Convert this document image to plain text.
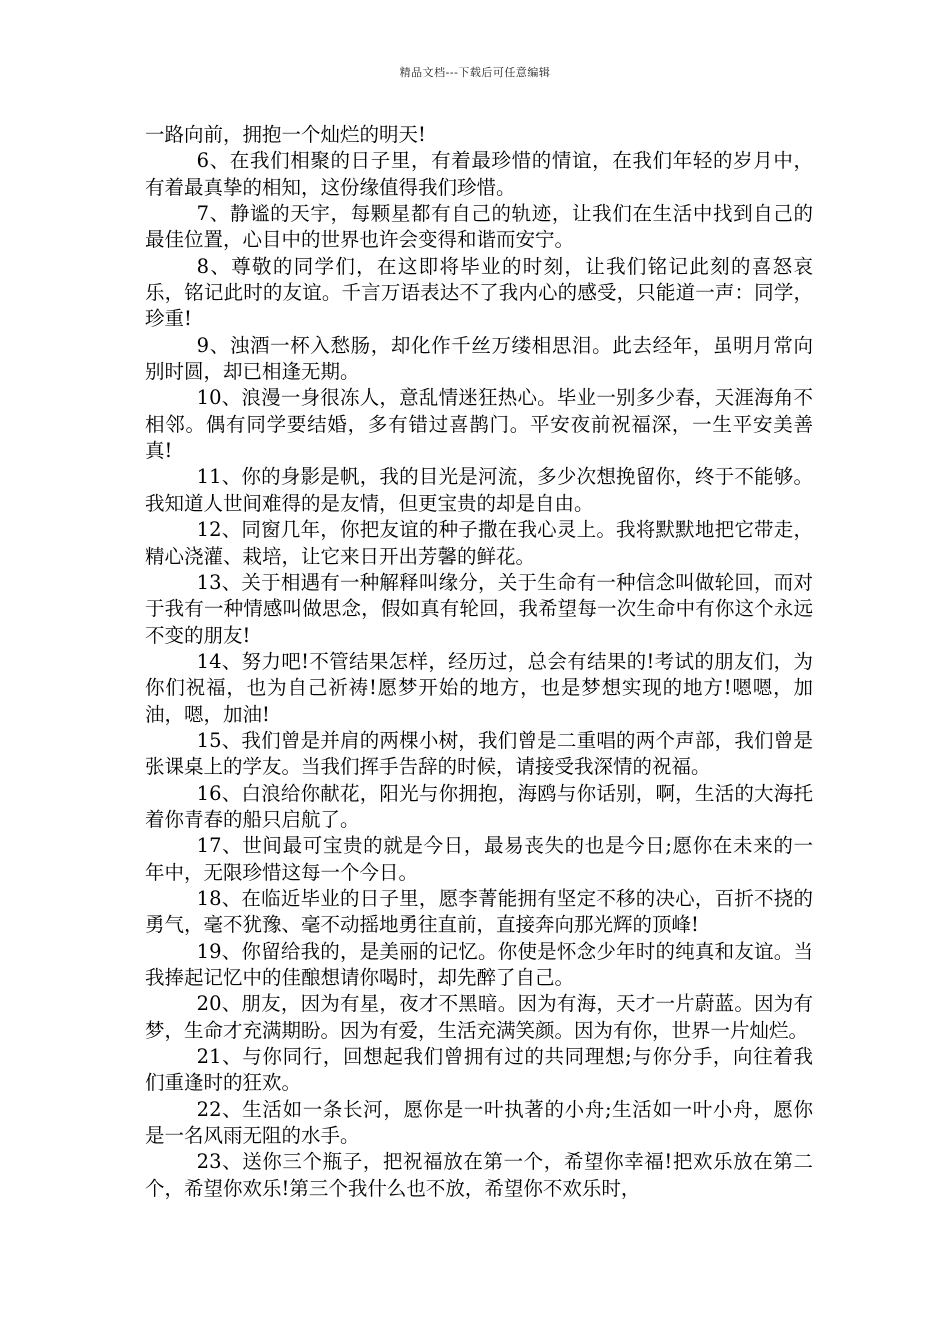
精品文档---下载后可任意编辑

一路向前，拥抱一个灿烂的明天!

6、在我们相聚的日子里，有着最珍惜的情谊，在我们年轻的岁月中，有着最真挚的相知，这份缘值得我们珍惜。

7、静谧的天宇，每颗星都有自己的轨迹，让我们在生活中找到自己的最佳位置，心目中的世界也许会变得和谐而安宁。

8、尊敬的同学们，在这即将毕业的时刻，让我们铭记此刻的喜怒哀乐，铭记此时的友谊。千言万语表达不了我内心的感受，只能道一声：同学，珍重!

9、浊酒一杯入愁肠，却化作千丝万缕相思泪。此去经年，虽明月常向别时圆，却已相逢无期。

10、浪漫一身很冻人，意乱情迷狂热心。毕业一别多少春，天涯海角不相邻。偶有同学要结婚，多有错过喜鹊门。平安夜前祝福深，一生平安美善真!

11、你的身影是帆，我的目光是河流，多少次想挽留你，终于不能够。我知道人世间难得的是友情，但更宝贵的却是自由。

12、同窗几年，你把友谊的种子撒在我心灵上。我将默默地把它带走，精心浇灌、栽培，让它来日开出芳馨的鲜花。

13、关于相遇有一种解释叫缘分，关于生命有一种信念叫做轮回，而对于我有一种情感叫做思念，假如真有轮回，我希望每一次生命中有你这个永远不变的朋友!

14、努力吧!不管结果怎样，经历过，总会有结果的!考试的朋友们，为你们祝福，也为自己祈祷!愿梦开始的地方，也是梦想实现的地方!嗯嗯，加油，嗯，加油!

15、我们曾是并肩的两棵小树，我们曾是二重唱的两个声部，我们曾是张课桌上的学友。当我们挥手告辞的时候，请接受我深情的祝福。

16、白浪给你献花，阳光与你拥抱，海鸥与你话别，啊，生活的大海托着你青春的船只启航了。

17、世间最可宝贵的就是今日，最易丧失的也是今日;愿你在未来的一年中，无限珍惜这每一个今日。

18、在临近毕业的日子里，愿李菁能拥有坚定不移的决心，百折不挠的勇气，毫不犹豫、毫不动摇地勇往直前，直接奔向那光辉的顶峰!

19、你留给我的，是美丽的记忆。你使是怀念少年时的纯真和友谊。当我捧起记忆中的佳酿想请你喝时，却先醉了自己。

20、朋友，因为有星，夜才不黑暗。因为有海，天才一片蔚蓝。因为有梦，生命才充满期盼。因为有爱，生活充满笑颜。因为有你，世界一片灿烂。

21、与你同行，回想起我们曾拥有过的共同理想;与你分手，向往着我们重逢时的狂欢。

22、生活如一条长河，愿你是一叶执著的小舟;生活如一叶小舟，愿你是一名风雨无阻的水手。

23、送你三个瓶子，把祝福放在第一个，希望你幸福!把欢乐放在第二个，希望你欢乐!第三个我什么也不放，希望你不欢乐时，
